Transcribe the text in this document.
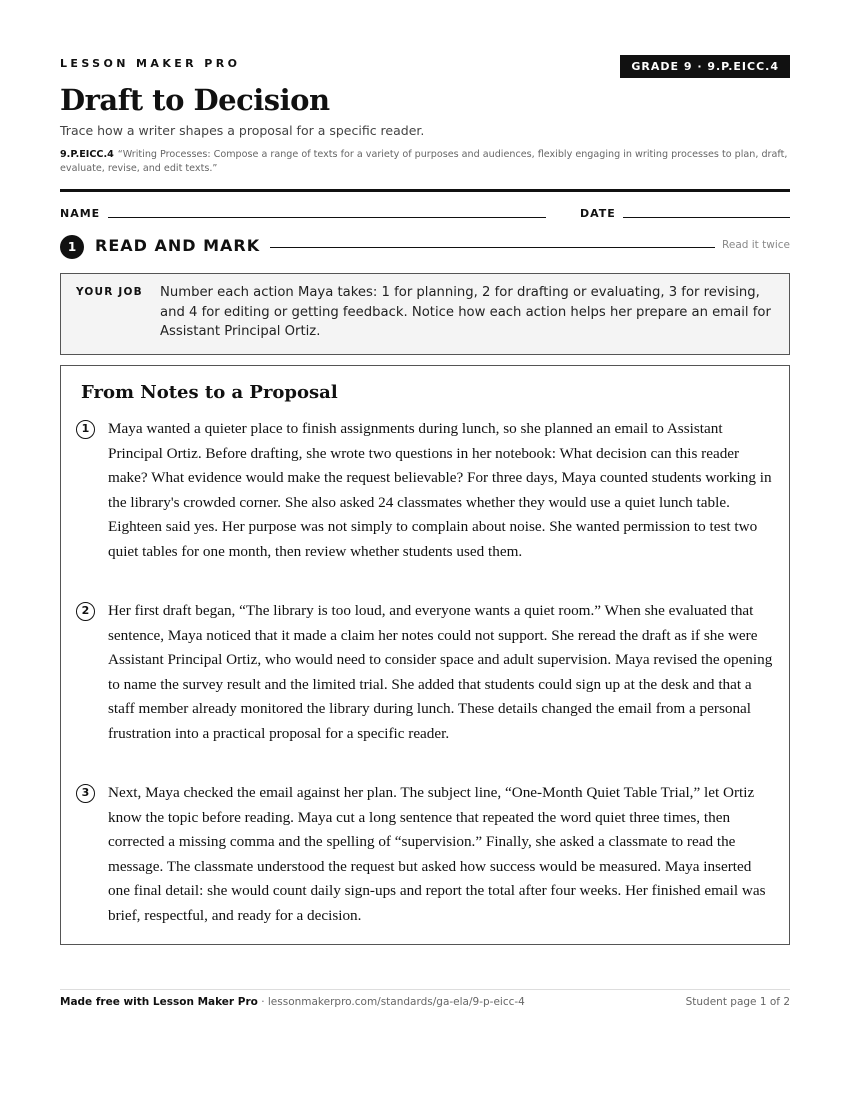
LESSON MAKER PRO	GRADE 9 · 9.P.EICC.4
Draft to Decision
Trace how a writer shapes a proposal for a specific reader.
9.P.EICC.4 “Writing Processes: Compose a range of texts for a variety of purposes and audiences, flexibly engaging in writing processes to plan, draft, evaluate, revise, and edit texts.”
NAME	DATE
1	READ AND MARK	Read it twice
YOUR JOB Number each action Maya takes: 1 for planning, 2 for drafting or evaluating, 3 for revising, and 4 for editing or getting feedback. Notice how each action helps her prepare an email for Assistant Principal Ortiz.
From Notes to a Proposal
1	Maya wanted a quieter place to finish assignments during lunch, so she planned an email to Assistant Principal Ortiz. Before drafting, she wrote two questions in her notebook: What decision can this reader make? What evidence would make the request believable? For three days, Maya counted students working in the library's crowded corner. She also asked 24 classmates whether they would use a quiet lunch table. Eighteen said yes. Her purpose was not simply to complain about noise. She wanted permission to test two quiet tables for one month, then review whether students used them.

2	Her first draft began, “The library is too loud, and everyone wants a quiet room.” When she evaluated that sentence, Maya noticed that it made a claim her notes could not support. She reread the draft as if she were Assistant Principal Ortiz, who would need to consider space and adult supervision. Maya revised the opening to name the survey result and the limited trial. She added that students could sign up at the desk and that a staff member already monitored the library during lunch. These details changed the email from a personal frustration into a practical proposal for a specific reader.

3	Next, Maya checked the email against her plan. The subject line, “One-Month Quiet Table Trial,” let Ortiz know the topic before reading. Maya cut a long sentence that repeated the word quiet three times, then corrected a missing comma and the spelling of “supervision.” Finally, she asked a classmate to read the message. The classmate understood the request but asked how success would be measured. Maya inserted one final detail: she would count daily sign-ups and report the total after four weeks. Her finished email was brief, respectful, and ready for a decision.

Made free with Lesson Maker Pro · lessonmakerpro.com/standards/ga-ela/9-p-eicc-4	Student page 1 of 2
